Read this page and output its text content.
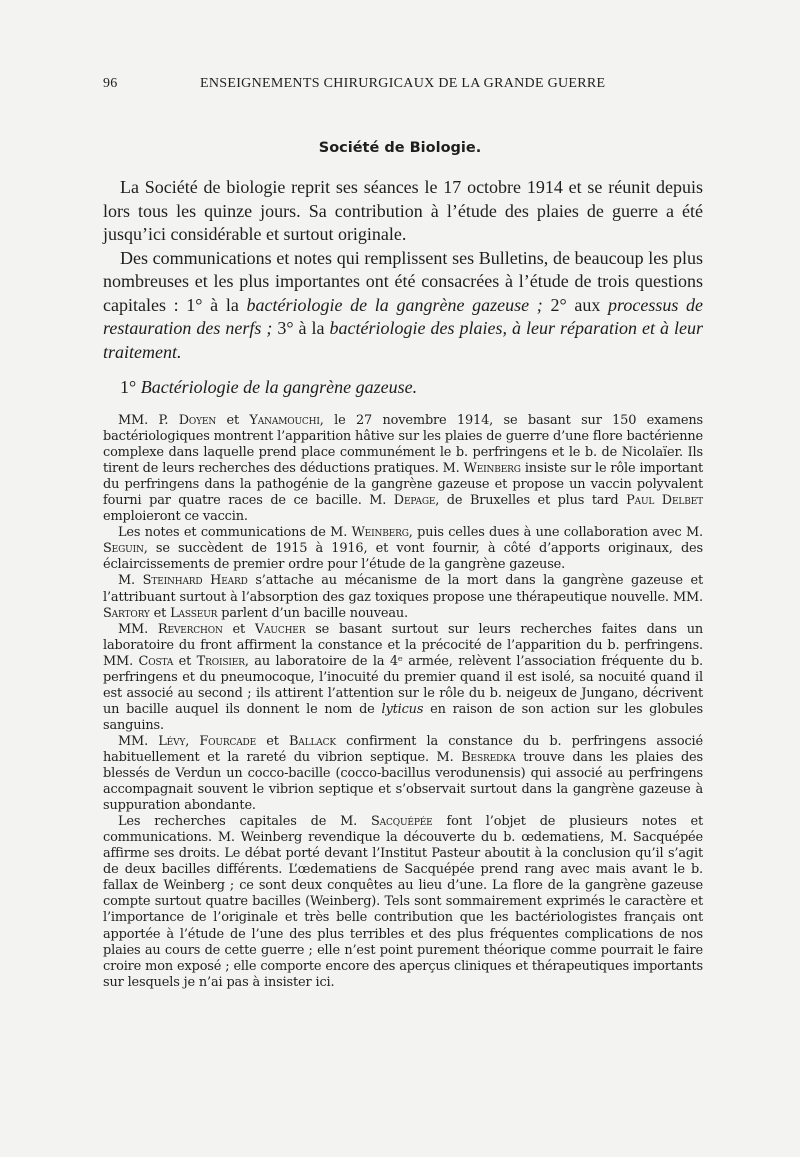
96	ENSEIGNEMENTS CHIRURGICAUX DE LA GRANDE GUERRE
Société de Biologie.

La Société de biologie reprit ses séances le 17 octobre 1914 et se réunit depuis lors tous les quinze jours. Sa contribution à l’étude des plaies de guerre a été jusqu’ici considérable et surtout originale.

Des communications et notes qui remplissent ses Bulletins, de beaucoup les plus nombreuses et les plus importantes ont été consacrées à l’étude de trois questions capitales : 1° à la bactériologie de la gangrène gazeuse ; 2° aux processus de restauration des nerfs ; 3° à la bactériologie des plaies, à leur réparation et à leur traitement.

1° Bactériologie de la gangrène gazeuse.

MM. P. Doyen et Yanamouchi, le 27 novembre 1914, se basant sur 150 examens bactériologiques montrent l’apparition hâtive sur les plaies de guerre d’une flore bactérienne complexe dans laquelle prend place communément le b. perfringens et le b. de Nicolaïer. Ils tirent de leurs recherches des déductions pratiques. M. Weinberg insiste sur le rôle important du perfringens dans la pathogénie de la gangrène gazeuse et propose un vaccin polyvalent fourni par quatre races de ce bacille. M. Depage, de Bruxelles et plus tard Paul Delbet emploieront ce vaccin.

Les notes et communications de M. Weinberg, puis celles dues à une collaboration avec M. Seguin, se succèdent de 1915 à 1916, et vont fournir, à côté d’apports originaux, des éclaircissements de premier ordre pour l’étude de la gangrène gazeuse.

M. Steinhard Heard s’attache au mécanisme de la mort dans la gangrène gazeuse et l’attribuant surtout à l’absorption des gaz toxiques propose une thérapeutique nouvelle. MM. Sartory et Lasseur parlent d’un bacille nouveau.

MM. Reverchon et Vaucher se basant surtout sur leurs recherches faites dans un laboratoire du front affirment la constance et la précocité de l’apparition du b. perfringens. MM. Costa et Troisier, au laboratoire de la 4ᵉ armée, relèvent l’association fréquente du b. perfringens et du pneumocoque, l’inocuité du premier quand il est isolé, sa nocuité quand il est associé au second ; ils attirent l’attention sur le rôle du b. neigeux de Jungano, décrivent un bacille auquel ils donnent le nom de lyticus en raison de son action sur les globules sanguins.

MM. Lévy, Fourcade et Ballack confirment la constance du b. perfringens associé habituellement et la rareté du vibrion septique. M. Besredka trouve dans les plaies des blessés de Verdun un cocco-bacille (cocco-bacillus verodunensis) qui associé au perfringens accompagnait souvent le vibrion septique et s’observait surtout dans la gangrène gazeuse à suppuration abondante.

Les recherches capitales de M. Sacquépée font l’objet de plusieurs notes et communications. M. Weinberg revendique la découverte du b. œdematiens, M. Sacquépée affirme ses droits. Le débat porté devant l’Institut Pasteur aboutit à la conclusion qu’il s’agit de deux bacilles différents. L’œdematiens de Sacquépée prend rang avec mais avant le b. fallax de Weinberg ; ce sont deux conquêtes au lieu d’une. La flore de la gangrène gazeuse compte surtout quatre bacilles (Weinberg). Tels sont sommairement exprimés le caractère et l’importance de l’originale et très belle contribution que les bactériologistes français ont apportée à l’étude de l’une des plus terribles et des plus fréquentes complications de nos plaies au cours de cette guerre ; elle n’est point purement théorique comme pourrait le faire croire mon exposé ; elle comporte encore des aperçus cliniques et thérapeutiques importants sur lesquels je n’ai pas à insister ici.
